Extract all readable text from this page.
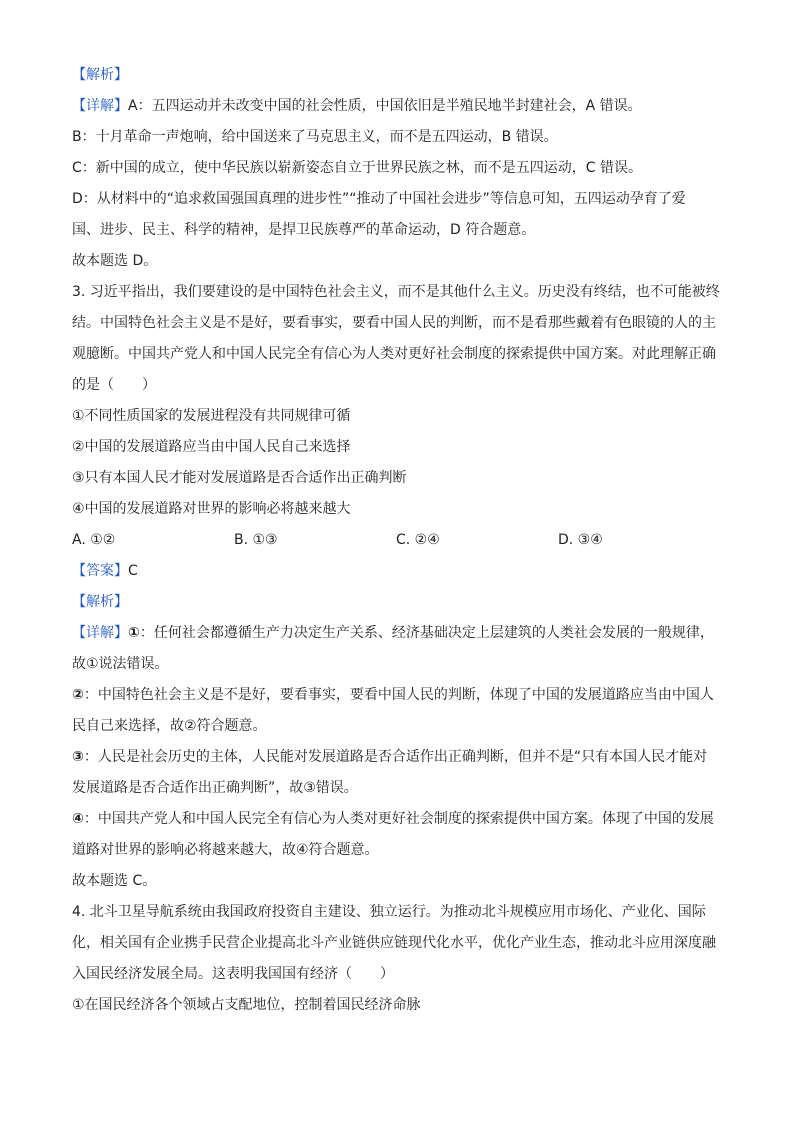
【解析】

【详解】A：五四运动并未改变中国的社会性质，中国依旧是半殖民地半封建社会，A 错误。

B：十月革命一声炮响，给中国送来了马克思主义，而不是五四运动，B 错误。

C：新中国的成立，使中华民族以崭新姿态自立于世界民族之林，而不是五四运动，C 错误。

D：从材料中的“追求救国强国真理的进步性”“推动了中国社会进步”等信息可知，五四运动孕育了爱

国、进步、民主、科学的精神，是捍卫民族尊严的革命运动，D 符合题意。

故本题选 D。

3. 习近平指出，我们要建设的是中国特色社会主义，而不是其他什么主义。历史没有终结，也不可能被终

结。中国特色社会主义是不是好，要看事实，要看中国人民的判断，而不是看那些戴着有色眼镜的人的主

观臆断。中国共产党人和中国人民完全有信心为人类对更好社会制度的探索提供中国方案。对此理解正确

的是（　　）

①不同性质国家的发展进程没有共同规律可循

②中国的发展道路应当由中国人民自己来选择

③只有本国人民才能对发展道路是否合适作出正确判断

④中国的发展道路对世界的影响必将越来越大

A. ①②	B. ①③	C. ②④	D. ③④

【答案】C

【解析】

【详解】①：任何社会都遵循生产力决定生产关系、经济基础决定上层建筑的人类社会发展的一般规律，

故①说法错误。

②：中国特色社会主义是不是好，要看事实，要看中国人民的判断，体现了中国的发展道路应当由中国人

民自己来选择，故②符合题意。

③：人民是社会历史的主体，人民能对发展道路是否合适作出正确判断，但并不是“只有本国人民才能对

发展道路是否合适作出正确判断”，故③错误。

④：中国共产党人和中国人民完全有信心为人类对更好社会制度的探索提供中国方案。体现了中国的发展

道路对世界的影响必将越来越大，故④符合题意。

故本题选 C。

4. 北斗卫星导航系统由我国政府投资自主建设、独立运行。为推动北斗规模应用市场化、产业化、国际

化，相关国有企业携手民营企业提高北斗产业链供应链现代化水平，优化产业生态，推动北斗应用深度融

入国民经济发展全局。这表明我国国有经济（　　）

①在国民经济各个领域占支配地位，控制着国民经济命脉
